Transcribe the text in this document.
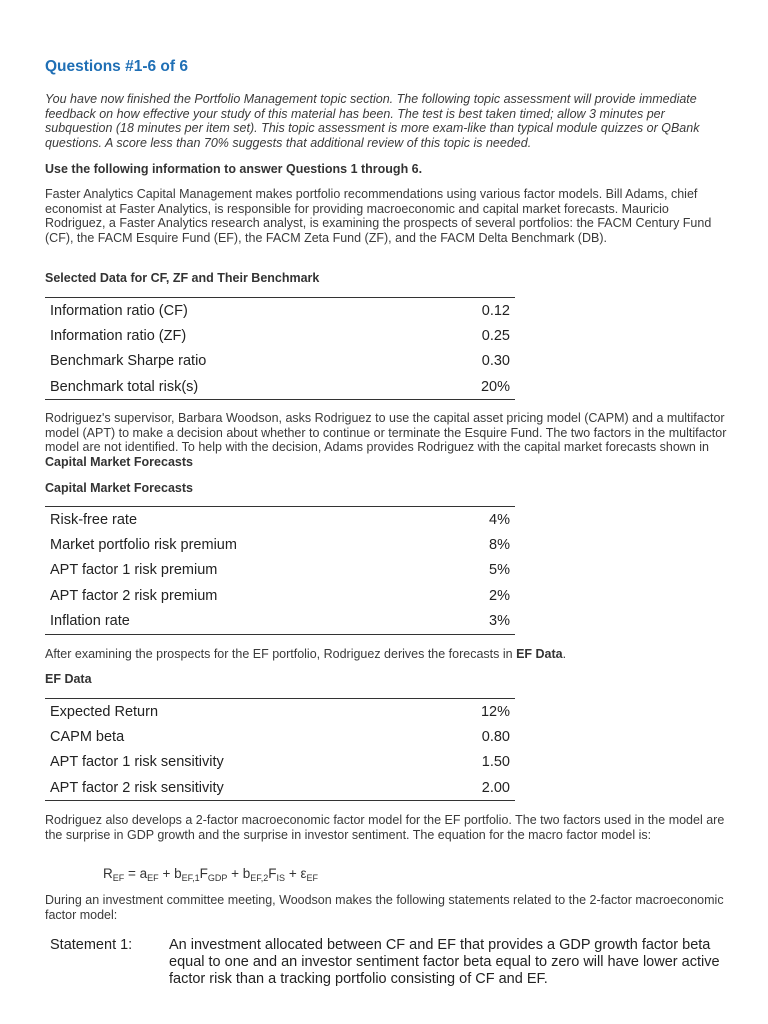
Questions #1-6 of 6

You have now finished the Portfolio Management topic section. The following topic assessment will provide immediate feedback on how effective your study of this material has been. The test is best taken timed; allow 3 minutes per subquestion (18 minutes per item set). This topic assessment is more exam-like than typical module quizzes or QBank questions. A score less than 70% suggests that additional review of this topic is needed.

Use the following information to answer Questions 1 through 6.

Faster Analytics Capital Management makes portfolio recommendations using various factor models. Bill Adams, chief economist at Faster Analytics, is responsible for providing macroeconomic and capital market forecasts. Mauricio Rodriguez, a Faster Analytics research analyst, is examining the prospects of several portfolios: the FACM Century Fund (CF), the FACM Esquire Fund (EF), the FACM Zeta Fund (ZF), and the FACM Delta Benchmark (DB).

Selected Data for CF, ZF and Their Benchmark

Information ratio (CF)	0.12
Information ratio (ZF)	0.25
Benchmark Sharpe ratio	0.30
Benchmark total risk(s)	20%

Rodriguez's supervisor, Barbara Woodson, asks Rodriguez to use the capital asset pricing model (CAPM) and a multifactor model (APT) to make a decision about whether to continue or terminate the Esquire Fund. The two factors in the multifactor model are not identified. To help with the decision, Adams provides Rodriguez with the capital market forecasts shown in Capital Market Forecasts

Capital Market Forecasts

Risk-free rate	4%
Market portfolio risk premium	8%
APT factor 1 risk premium	5%
APT factor 2 risk premium	2%
Inflation rate	3%

After examining the prospects for the EF portfolio, Rodriguez derives the forecasts in EF Data.

EF Data

Expected Return	12%
CAPM beta	0.80
APT factor 1 risk sensitivity	1.50
APT factor 2 risk sensitivity	2.00

Rodriguez also develops a 2-factor macroeconomic factor model for the EF portfolio. The two factors used in the model are the surprise in GDP growth and the surprise in investor sentiment. The equation for the macro factor model is:

$R_{EF} = a_{EF} + b_{EF,1}F_{GDP} + b_{EF,2}F_{IS} + \varepsilon_{EF}$

During an investment committee meeting, Woodson makes the following statements related to the 2-factor macroeconomic factor model:

Statement 1:	An investment allocated between CF and EF that provides a GDP growth factor beta equal to one and an investor sentiment factor beta equal to zero will have lower active factor risk than a tracking portfolio consisting of CF and EF.
